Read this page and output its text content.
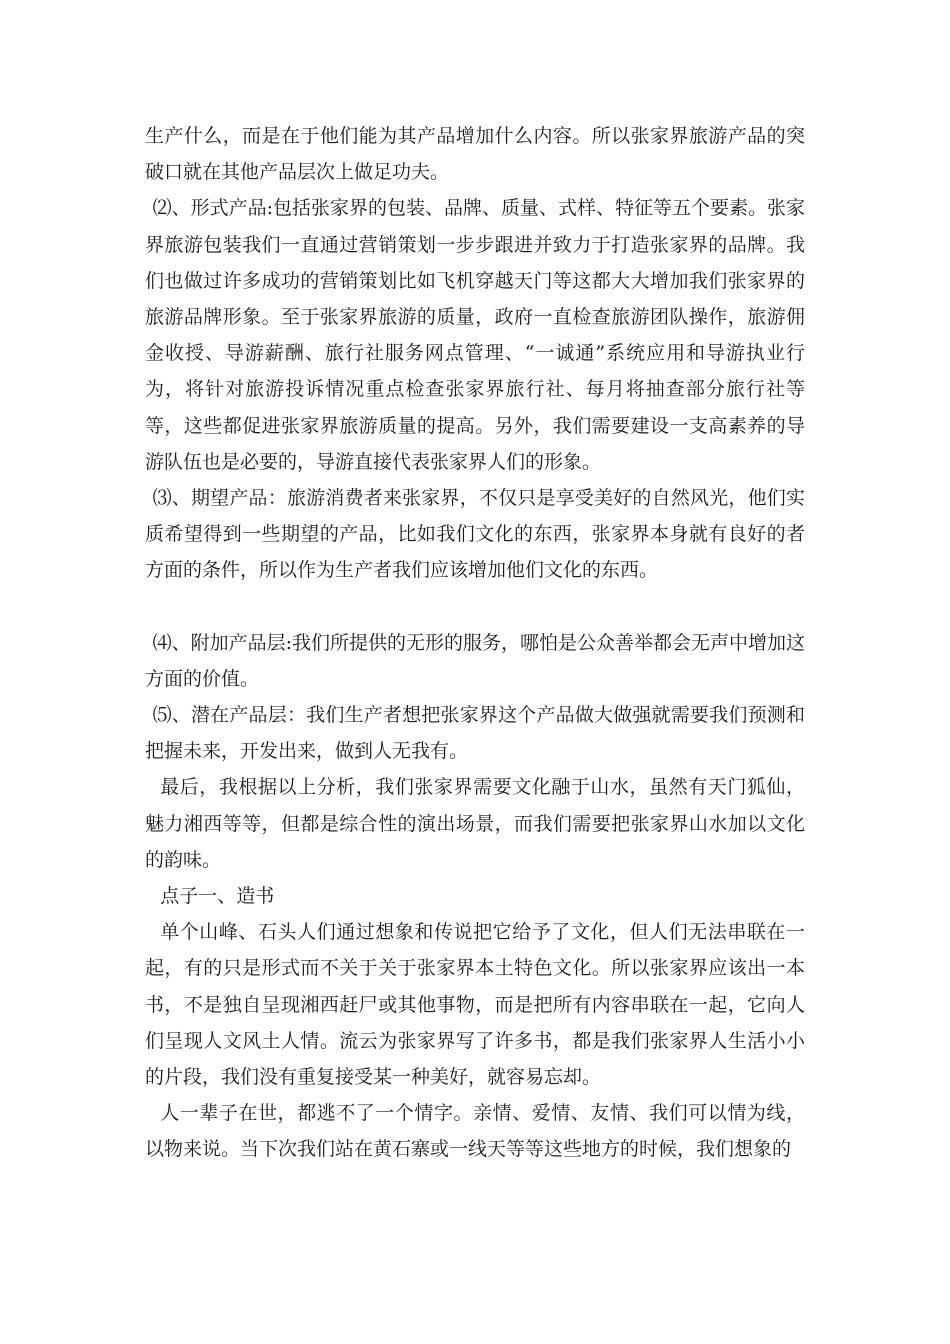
生产什么，而是在于他们能为其产品增加什么内容。所以张家界旅游产品的突破口就在其他产品层次上做足功夫。

⑵、形式产品:包括张家界的包装、品牌、质量、式样、特征等五个要素。张家界旅游包装我们一直通过营销策划一步步跟进并致力于打造张家界的品牌。我们也做过许多成功的营销策划比如飞机穿越天门等这都大大增加我们张家界的旅游品牌形象。至于张家界旅游的质量，政府一直检查旅游团队操作，旅游佣金收授、导游薪酬、旅行社服务网点管理、“一诚通”系统应用和导游执业行为，将针对旅游投诉情况重点检查张家界旅行社、每月将抽查部分旅行社等等，这些都促进张家界旅游质量的提高。另外，我们需要建设一支高素养的导游队伍也是必要的，导游直接代表张家界人们的形象。

⑶、期望产品：旅游消费者来张家界，不仅只是享受美好的自然风光，他们实质希望得到一些期望的产品，比如我们文化的东西，张家界本身就有良好的者方面的条件，所以作为生产者我们应该增加他们文化的东西。

⑷、附加产品层:我们所提供的无形的服务，哪怕是公众善举都会无声中增加这方面的价值。

⑸、潜在产品层：我们生产者想把张家界这个产品做大做强就需要我们预测和把握未来，开发出来，做到人无我有。

最后，我根据以上分析，我们张家界需要文化融于山水，虽然有天门狐仙，魅力湘西等等，但都是综合性的演出场景，而我们需要把张家界山水加以文化的韵味。

点子一、造书

单个山峰、石头人们通过想象和传说把它给予了文化，但人们无法串联在一起，有的只是形式而不关于关于张家界本土特色文化。所以张家界应该出一本书，不是独自呈现湘西赶尸或其他事物，而是把所有内容串联在一起，它向人们呈现人文风土人情。流云为张家界写了许多书，都是我们张家界人生活小小的片段，我们没有重复接受某一种美好，就容易忘却。

人一辈子在世，都逃不了一个情字。亲情、爱情、友情、我们可以情为线，以物来说。当下次我们站在黄石寨或一线天等等这些地方的时候，我们想象的
